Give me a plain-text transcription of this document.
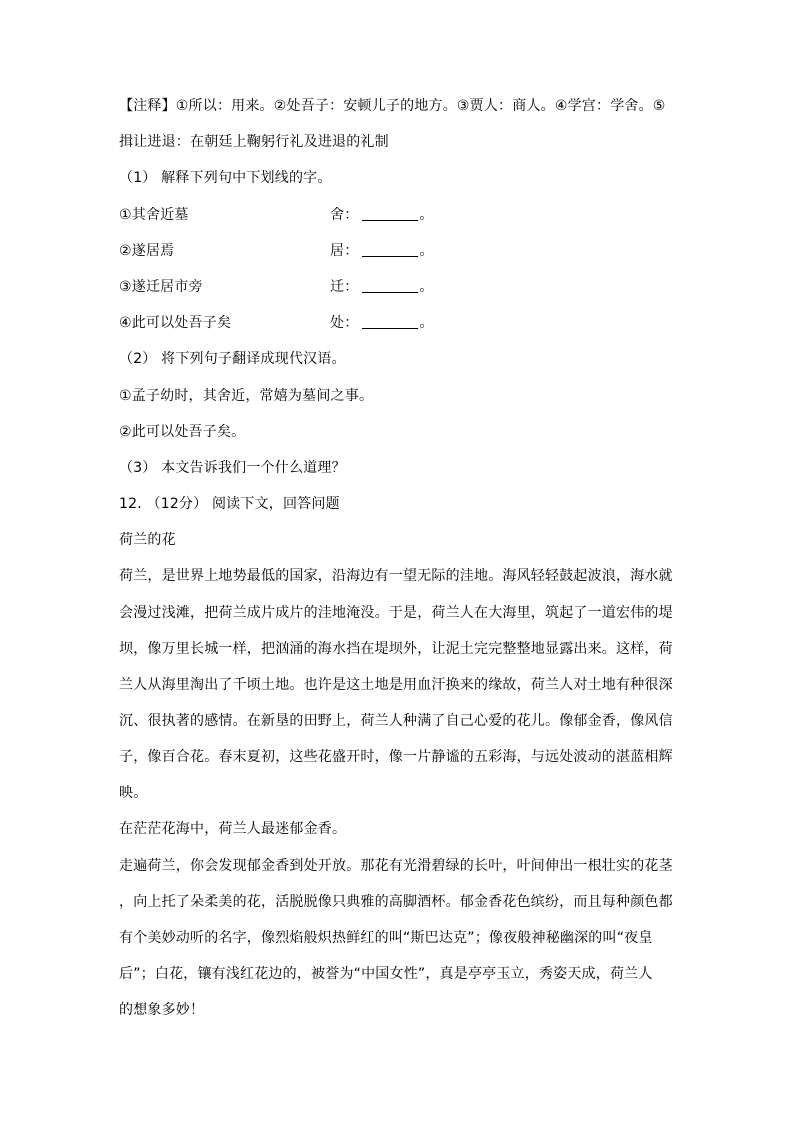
【注释】①所以：用来。②处吾子：安顿儿子的地方。③贾人：商人。④学宫：学舍。⑤
揖让进退：在朝廷上鞠躬行礼及进退的礼制
（1） 解释下列句中下划线的字。
①其舍近墓	舍：	。
②遂居焉	居：	。
③遂迁居市旁	迁：	。
④此可以处吾子矣	处：	。
（2） 将下列句子翻译成现代汉语。
①孟子幼时，其舍近，常嬉为墓间之事。
②此可以处吾子矣。
（3） 本文告诉我们一个什么道理？
12. （12分） 阅读下文，回答问题
荷兰的花
荷兰，是世界上地势最低的国家，沿海边有一望无际的洼地。海风轻轻鼓起波浪，海水就
会漫过浅滩，把荷兰成片成片的洼地淹没。于是，荷兰人在大海里，筑起了一道宏伟的堤
坝，像万里长城一样，把汹涌的海水挡在堤坝外，让泥土完完整整地显露出来。这样，荷
兰人从海里淘出了千顷土地。也许是这土地是用血汗换来的缘故，荷兰人对土地有种很深
沉、很执著的感情。在新垦的田野上，荷兰人种满了自己心爱的花儿。像郁金香，像风信
子，像百合花。春末夏初，这些花盛开时，像一片静谧的五彩海，与远处波动的湛蓝相辉
映。
在茫茫花海中，荷兰人最迷郁金香。
走遍荷兰，你会发现郁金香到处开放。那花有光滑碧绿的长叶，叶间伸出一根壮实的花茎
，向上托了朵柔美的花，活脱脱像只典雅的高脚酒杯。郁金香花色缤纷，而且每种颜色都
有个美妙动听的名字，像烈焰般炽热鲜红的叫“斯巴达克”；像夜般神秘幽深的叫“夜皇
后”；白花，镶有浅红花边的，被誉为“中国女性”，真是亭亭玉立，秀姿天成，荷兰人
的想象多妙！
